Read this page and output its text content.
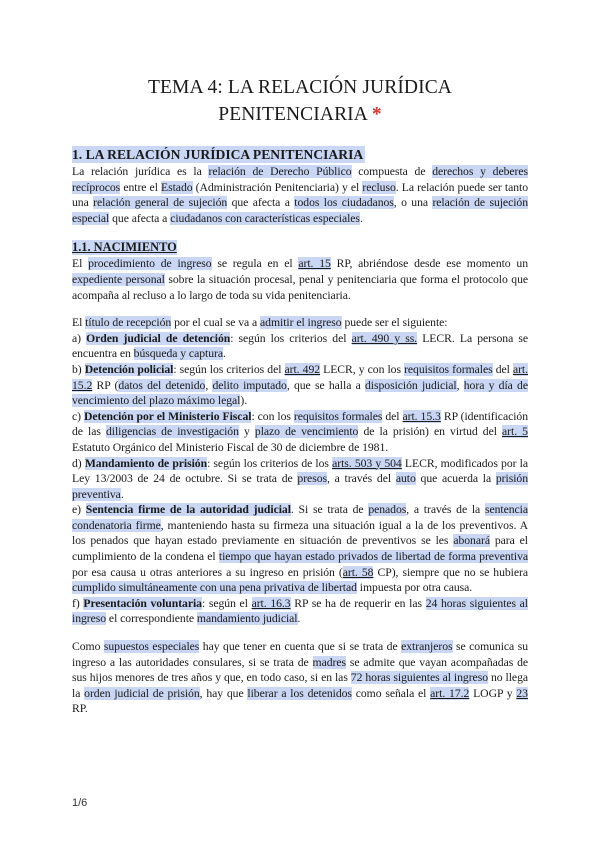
TEMA 4: LA RELACIÓN JURÍDICA
PENITENCIARIA *
1. LA RELACIÓN JURÍDICA PENITENCIARIA

La relación jurídica es la relación de Derecho Público compuesta de derechos y deberes recíprocos entre el Estado (Administración Penitenciaria) y el recluso. La relación puede ser tanto una relación general de sujeción que afecta a todos los ciudadanos, o una relación de sujeción especial que afecta a ciudadanos con características especiales.

1.1. NACIMIENTO

El procedimiento de ingreso se regula en el art. 15 RP, abriéndose desde ese momento un expediente personal sobre la situación procesal, penal y penitenciaria que forma el protocolo que acompaña al recluso a lo largo de toda su vida penitenciaria.

El título de recepción por el cual se va a admitir el ingreso puede ser el siguiente:

a) Orden judicial de detención: según los criterios del art. 490 y ss. LECR. La persona se encuentra en búsqueda y captura.

b) Detención policial: según los criterios del art. 492 LECR, y con los requisitos formales del art. 15.2 RP (datos del detenido, delito imputado, que se halla a disposición judicial, hora y día de vencimiento del plazo máximo legal).

c) Detención por el Ministerio Fiscal: con los requisitos formales del art. 15.3 RP (identificación de las diligencias de investigación y plazo de vencimiento de la prisión) en virtud del art. 5 Estatuto Orgánico del Ministerio Fiscal de 30 de diciembre de 1981.

d) Mandamiento de prisión: según los criterios de los arts. 503 y 504 LECR, modificados por la Ley 13/2003 de 24 de octubre. Si se trata de presos, a través del auto que acuerda la prisión preventiva.

e) Sentencia firme de la autoridad judicial. Si se trata de penados, a través de la sentencia condenatoria firme, manteniendo hasta su firmeza una situación igual a la de los preventivos. A los penados que hayan estado previamente en situación de preventivos se les abonará para el cumplimiento de la condena el tiempo que hayan estado privados de libertad de forma preventiva por esa causa u otras anteriores a su ingreso en prisión (art. 58 CP), siempre que no se hubiera cumplido simultáneamente con una pena privativa de libertad impuesta por otra causa.

f) Presentación voluntaria: según el art. 16.3 RP se ha de requerir en las 24 horas siguientes al ingreso el correspondiente mandamiento judicial.

Como supuestos especiales hay que tener en cuenta que si se trata de extranjeros se comunica su ingreso a las autoridades consulares, si se trata de madres se admite que vayan acompañadas de sus hijos menores de tres años y que, en todo caso, si en las 72 horas siguientes al ingreso no llega la orden judicial de prisión, hay que liberar a los detenidos como señala el art. 17.2 LOGP y 23 RP.

1/6
